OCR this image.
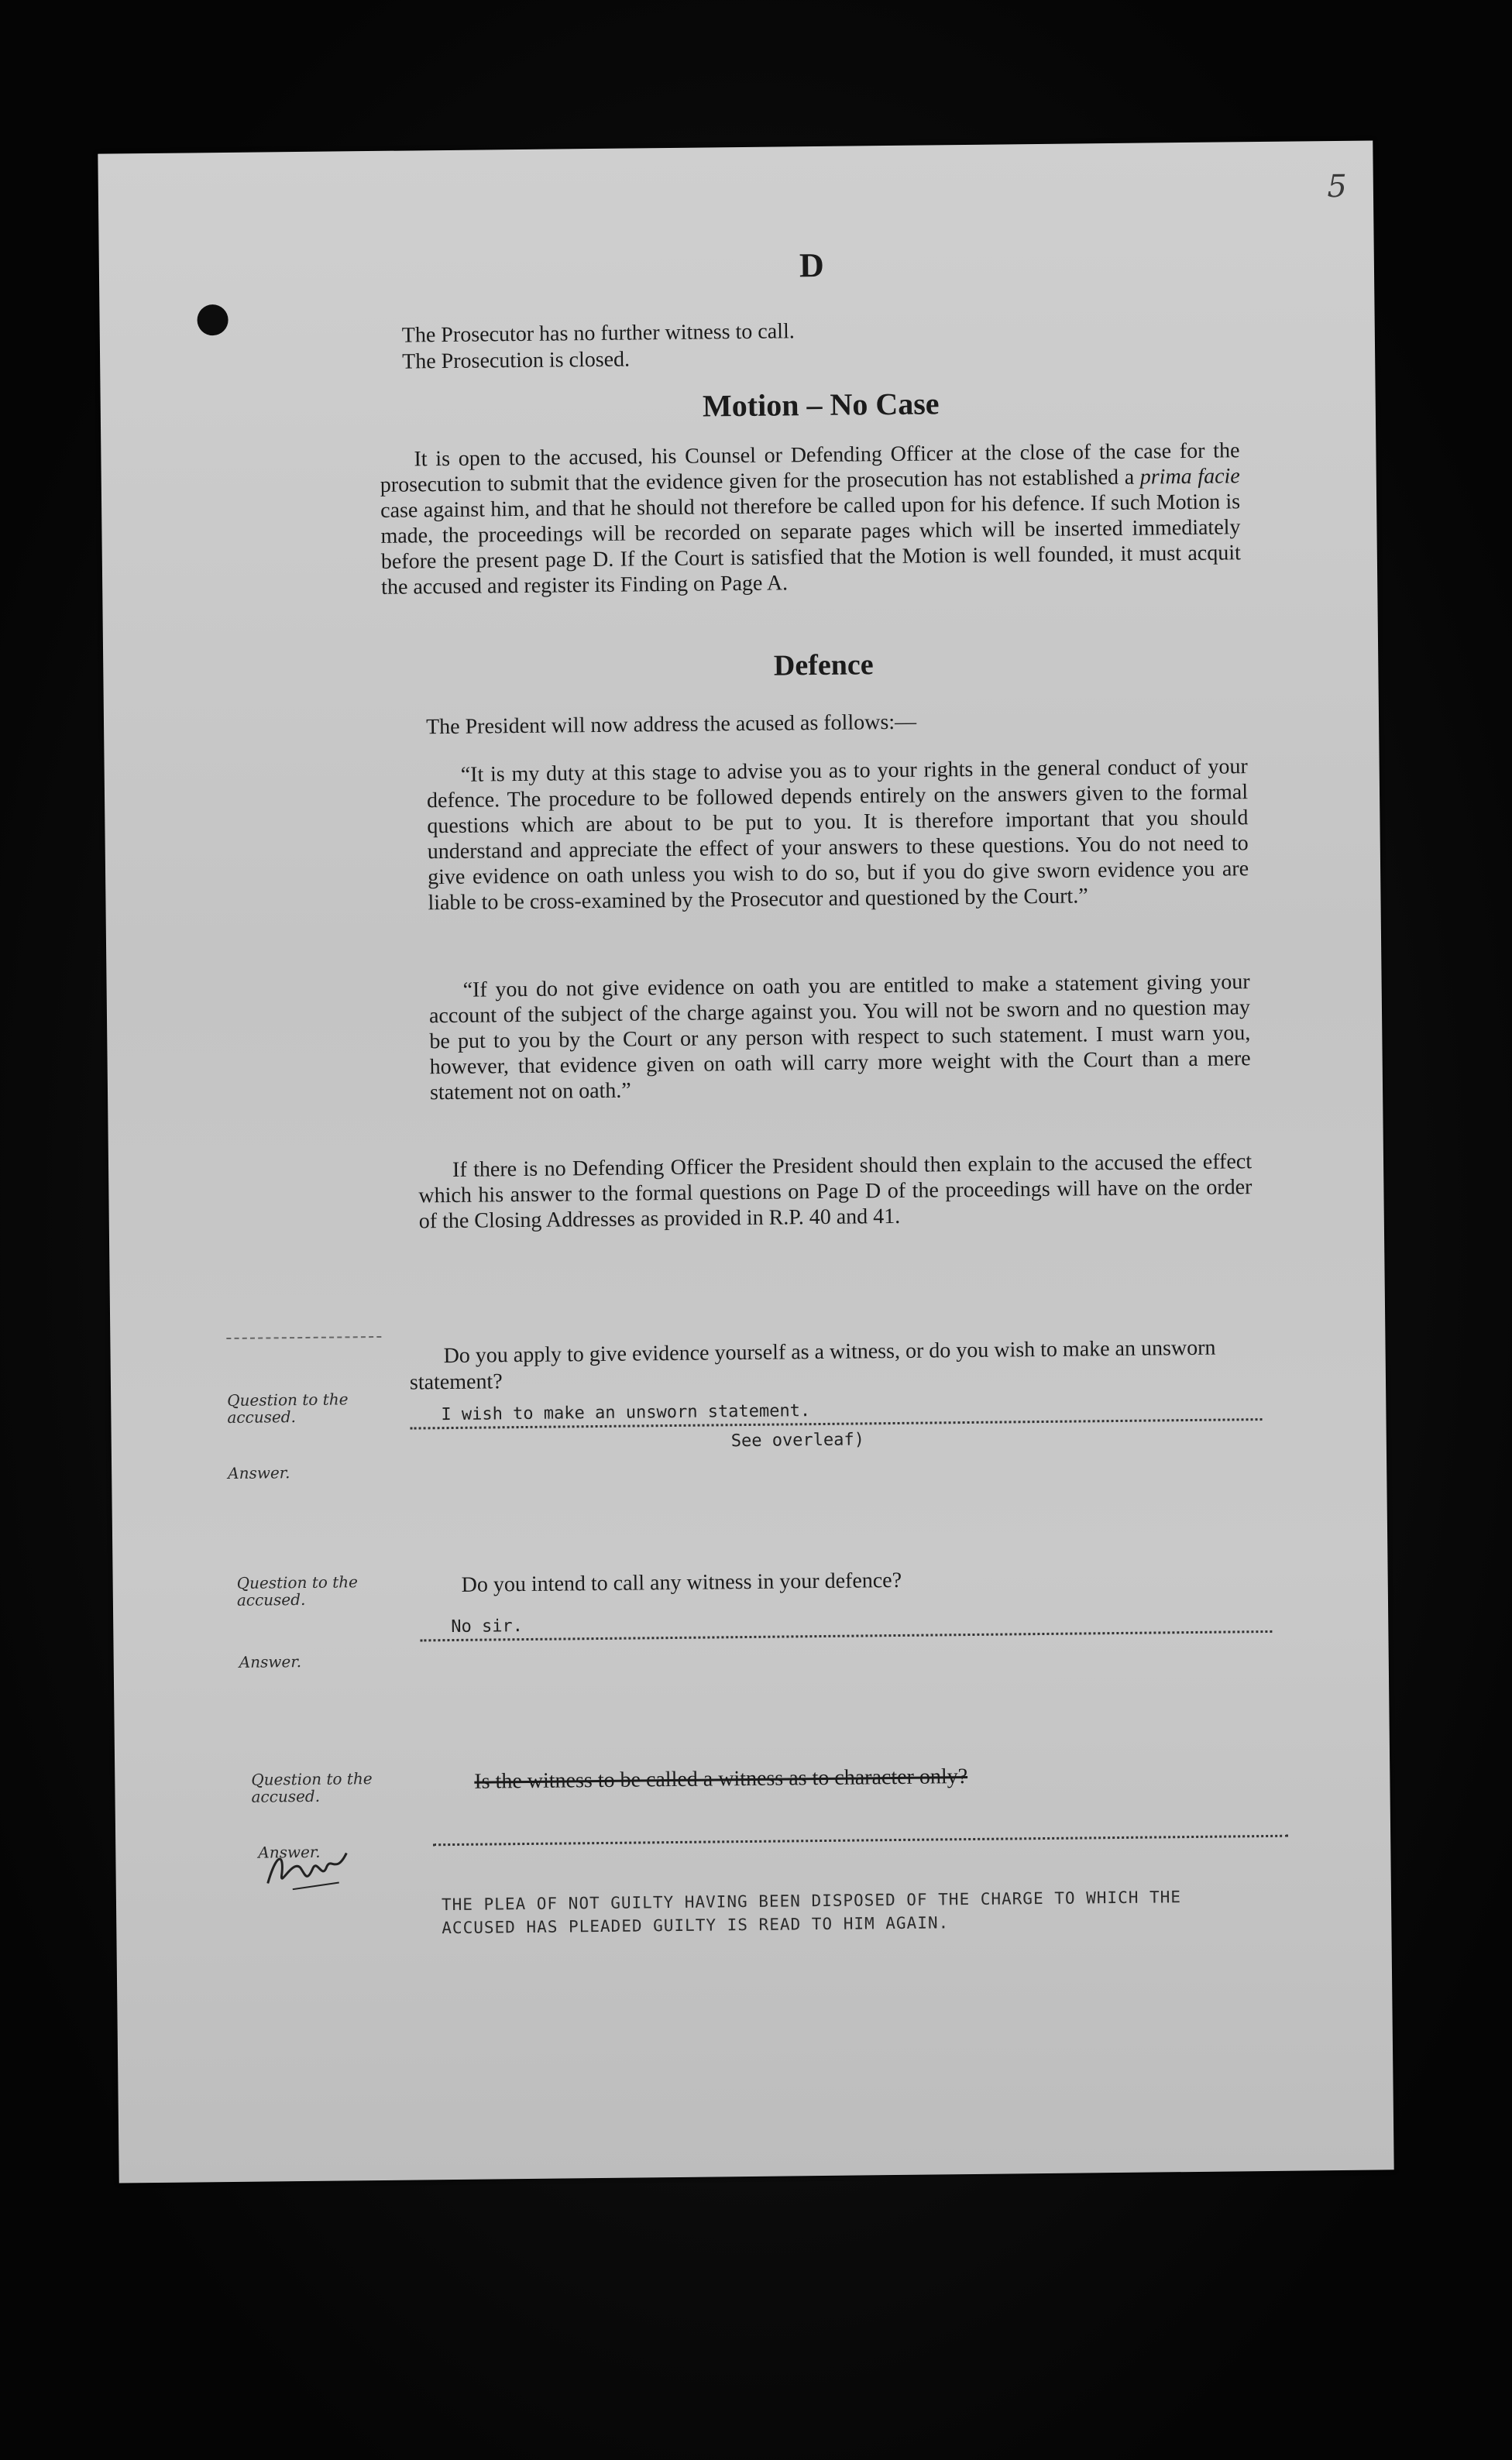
5
D
The Prosecutor has no further witness to call.
The Prosecution is closed.
Motion – No Case
It is open to the accused, his Counsel or Defending Officer at the close of the case for the prosecution to submit that the evidence given for the prosecution has not established a prima facie case against him, and that he should not therefore be called upon for his defence. If such Motion is made, the proceedings will be recorded on separate pages which will be inserted immediately before the present page D. If the Court is satisfied that the Motion is well founded, it must acquit the accused and register its Finding on Page A.
Defence
The President will now address the acused as follows:—
“It is my duty at this stage to advise you as to your rights in the general conduct of your defence. The procedure to be followed depends entirely on the answers given to the formal questions which are about to be put to you. It is therefore important that you should understand and appreciate the effect of your answers to these questions. You do not need to give evidence on oath unless you wish to do so, but if you do give sworn evidence you are liable to be cross-examined by the Prosecutor and questioned by the Court.”
“If you do not give evidence on oath you are entitled to make a statement giving your account of the subject of the charge against you. You will not be sworn and no question may be put to you by the Court or any person with respect to such statement. I must warn you, however, that evidence given on oath will carry more weight with the Court than a mere statement not on oath.”
If there is no Defending Officer the President should then explain to the accused the effect which his answer to the formal questions on Page D of the proceedings will have on the order of the Closing Addresses as provided in R.P. 40 and 41.
Question to the accused.
Answer.
Do you apply to give evidence yourself as a witness, or do you wish to make an unsworn statement?
I wish to make an unsworn statement.
See overleaf)
Question to the accused.
Answer.
Do you intend to call any witness in your defence?
No sir.
Question to the accused.
Answer.
Is the witness to be called a witness as to character only?
THE PLEA OF NOT GUILTY HAVING BEEN DISPOSED OF THE CHARGE TO WHICH THE ACCUSED HAS PLEADED GUILTY IS READ TO HIM AGAIN.
